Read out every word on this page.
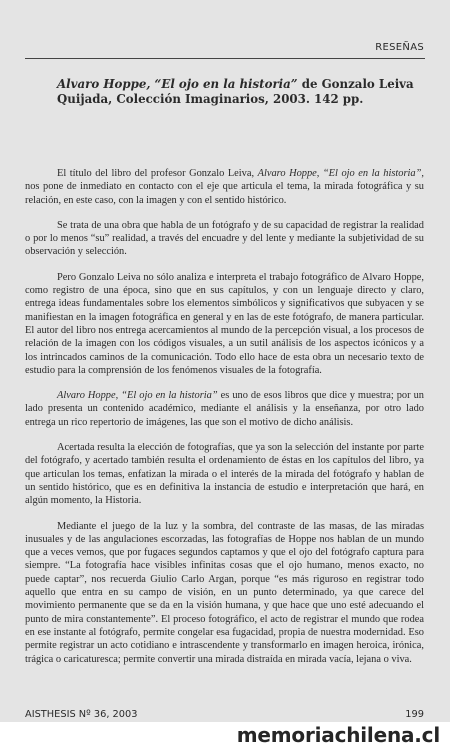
RESEÑAS
Alvaro Hoppe, “El ojo en la historia” de Gonzalo Leiva Quijada, Colección Imaginarios, 2003. 142 pp.

El título del libro del profesor Gonzalo Leiva, Alvaro Hoppe, “El ojo en la historia”, nos pone de inmediato en contacto con el eje que articula el tema, la mirada fotográfica y su relación, en este caso, con la imagen y con el sentido histórico.

Se trata de una obra que habla de un fotógrafo y de su capacidad de registrar la realidad o por lo menos “su” realidad, a través del encuadre y del lente y mediante la subjetividad de su observación y selección.

Pero Gonzalo Leiva no sólo analiza e interpreta el trabajo fotográfico de Alvaro Hoppe, como registro de una época, sino que en sus capítulos, y con un lenguaje directo y claro, entrega ideas fundamentales sobre los elementos simbólicos y significativos que subyacen y se manifiestan en la imagen fotográfica en general y en las de este fotógrafo, de manera particular. El autor del libro nos entrega acercamientos al mundo de la percepción visual, a los procesos de relación de la imagen con los códigos visuales, a un sutil análisis de los aspectos icónicos y a los intrincados caminos de la comunicación. Todo ello hace de esta obra un necesario texto de estudio para la comprensión de los fenómenos visuales de la fotografía.

Alvaro Hoppe, “El ojo en la historia” es uno de esos libros que dice y muestra; por un lado presenta un contenido académico, mediante el análisis y la enseñanza, por otro lado entrega un rico repertorio de imágenes, las que son el motivo de dicho análisis.

Acertada resulta la elección de fotografías, que ya son la selección del instante por parte del fotógrafo, y acertado también resulta el ordenamiento de éstas en los capítulos del libro, ya que articulan los temas, enfatizan la mirada o el interés de la mirada del fotógrafo y hablan de un sentido histórico, que es en definitiva la instancia de estudio e interpretación que hará, en algún momento, la Historia.

Mediante el juego de la luz y la sombra, del contraste de las masas, de las miradas inusuales y de las angulaciones escorzadas, las fotografías de Hoppe nos hablan de un mundo que a veces vemos, que por fugaces segundos captamos y que el ojo del fotógrafo captura para siempre. “La fotografía hace visibles infinitas cosas que el ojo humano, menos exacto, no puede captar”, nos recuerda Giulio Carlo Argan, porque “es más riguroso en registrar todo aquello que entra en su campo de visión, en un punto determinado, ya que carece del movimiento permanente que se da en la visión humana, y que hace que uno esté adecuando el punto de mira constantemente”. El proceso fotográfico, el acto de registrar el mundo que rodea en ese instante al fotógrafo, permite congelar esa fugacidad, propia de nuestra modernidad. Eso permite registrar un acto cotidiano e intrascendente y transformarlo en imagen heroica, irónica, trágica o caricaturesca; permite convertir una mirada distraída en mirada vacía, lejana o viva.

AISTHESIS Nº 36, 2003	199
memoriachilena.cl
